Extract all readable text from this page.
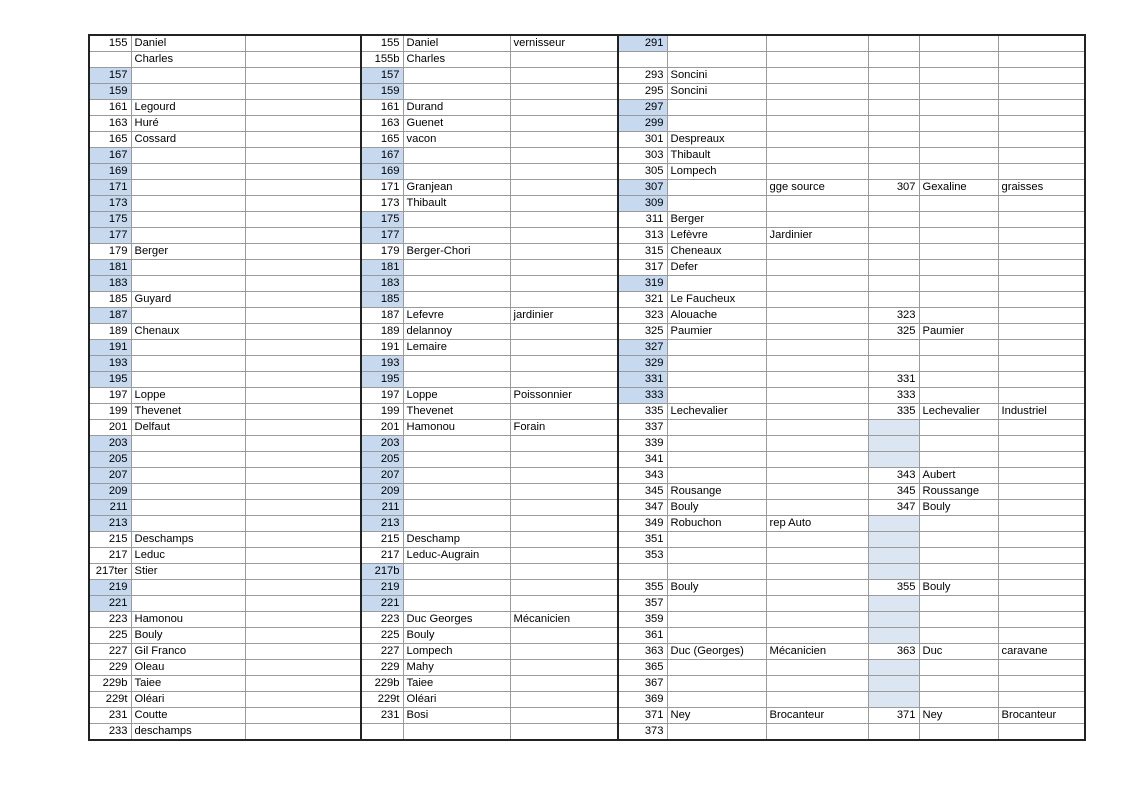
155	Daniel		155	Daniel	vernisseur	291					
	Charles		155b	Charles							
157			157			293	Soncini				
159			159			295	Soncini				
161	Legourd		161	Durand		297					
163	Huré		163	Guenet		299					
165	Cossard		165	vacon		301	Despreaux				
167			167			303	Thibault				
169			169			305	Lompech				
171			171	Granjean		307		gge source	307	Gexaline	graisses
173			173	Thibault		309					
175			175			311	Berger				
177			177			313	Lefèvre	Jardinier			
179	Berger		179	Berger-Chori		315	Cheneaux				
181			181			317	Defer				
183			183			319					
185	Guyard		185			321	Le Faucheux				
187			187	Lefevre	jardinier	323	Alouache		323		
189	Chenaux		189	delannoy		325	Paumier		325	Paumier	
191			191	Lemaire		327					
193			193			329					
195			195			331			331		
197	Loppe		197	Loppe	Poissonnier	333			333		
199	Thevenet		199	Thevenet		335	Lechevalier		335	Lechevalier	Industriel
201	Delfaut		201	Hamonou	Forain	337					
203			203			339					
205			205			341					
207			207			343			343	Aubert	
209			209			345	Rousange		345	Roussange	
211			211			347	Bouly		347	Bouly	
213			213			349	Robuchon	rep Auto			
215	Deschamps		215	Deschamp		351					
217	Leduc		217	Leduc-Augrain		353					
217ter	Stier		217b								
219			219			355	Bouly		355	Bouly	
221			221			357					
223	Hamonou		223	Duc Georges	Mécanicien	359					
225	Bouly		225	Bouly		361					
227	Gil Franco		227	Lompech		363	Duc (Georges)	Mécanicien	363	Duc	caravane
229	Oleau		229	Mahy		365					
229b	Taiee		229b	Taiee		367					
229t	Oléari		229t	Oléari		369					
231	Coutte		231	Bosi		371	Ney	Brocanteur	371	Ney	Brocanteur
233	deschamps					373					
